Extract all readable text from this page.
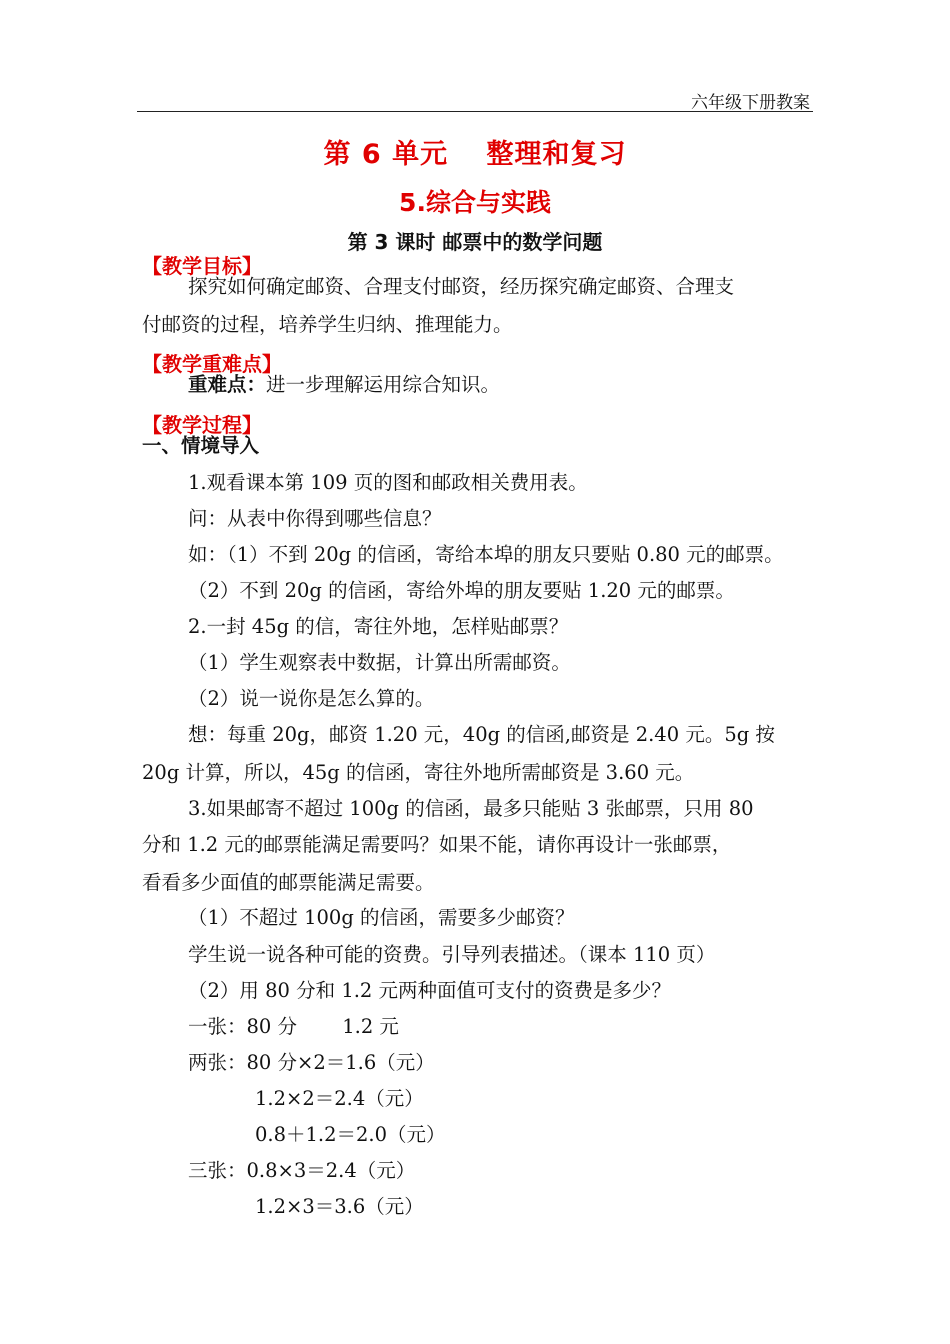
六年级下册教案
第 6 单元　 整理和复习
5.综合与实践
第 3 课时 邮票中的数学问题
【教学目标】
探究如何确定邮资、合理支付邮资，经历探究确定邮资、合理支
付邮资的过程，培养学生归纳、推理能力。
【教学重难点】
重难点：进一步理解运用综合知识。
【教学过程】
一、情境导入
1.观看课本第 109 页的图和邮政相关费用表。
问：从表中你得到哪些信息？
如：（1）不到 20g 的信函，寄给本埠的朋友只要贴 0.80 元的邮票。
（2）不到 20g 的信函，寄给外埠的朋友要贴 1.20 元的邮票。
2.一封 45g 的信，寄往外地，怎样贴邮票？
（1）学生观察表中数据，计算出所需邮资。
（2）说一说你是怎么算的。
想：每重 20g，邮资 1.20 元，40g 的信函,邮资是 2.40 元。5g 按
20g 计算，所以，45g 的信函，寄往外地所需邮资是 3.60 元。
3.如果邮寄不超过 100g 的信函，最多只能贴 3 张邮票，只用 80
分和 1.2 元的邮票能满足需要吗？如果不能，请你再设计一张邮票，
看看多少面值的邮票能满足需要。
（1）不超过 100g 的信函，需要多少邮资？
学生说一说各种可能的资费。引导列表描述。（课本 110 页）
（2）用 80 分和 1.2 元两种面值可支付的资费是多少？
一张：80 分　　 1.2 元
两张：80 分×2＝1.6（元）
1.2×2＝2.4（元）
0.8＋1.2＝2.0（元）
三张：0.8×3＝2.4（元）
1.2×3＝3.6（元）
